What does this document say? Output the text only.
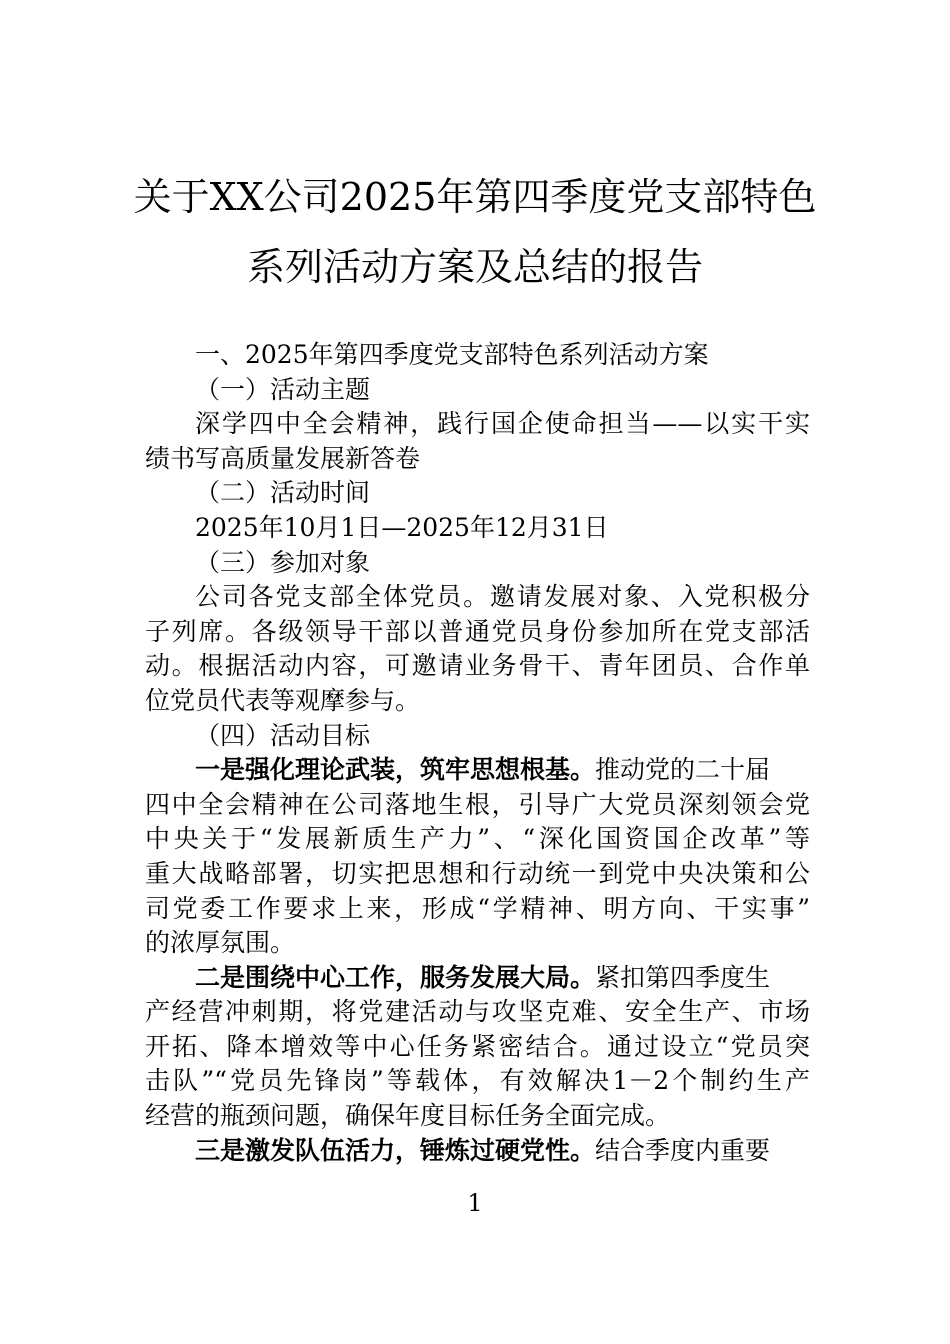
关于XX公司2025年第四季度党支部特色
系列活动方案及总结的报告
一、2025年第四季度党支部特色系列活动方案
（一）活动主题
深学四中全会精神，践行国企使命担当——以实干实
绩书写高质量发展新答卷
（二）活动时间
2025年10月1日—2025年12月31日
（三）参加对象
公司各党支部全体党员。邀请发展对象、入党积极分
子列席。各级领导干部以普通党员身份参加所在党支部活
动。根据活动内容，可邀请业务骨干、青年团员、合作单
位党员代表等观摩参与。
（四）活动目标
一是强化理论武装，筑牢思想根基。推动党的二十届
四中全会精神在公司落地生根，引导广大党员深刻领会党
中央关于“发展新质生产力”、“深化国资国企改革”等
重大战略部署，切实把思想和行动统一到党中央决策和公
司党委工作要求上来，形成“学精神、明方向、干实事”
的浓厚氛围。
二是围绕中心工作，服务发展大局。紧扣第四季度生
产经营冲刺期，将党建活动与攻坚克难、安全生产、市场
开拓、降本增效等中心任务紧密结合。通过设立“党员突
击队”“党员先锋岗”等载体，有效解决1－2个制约生产
经营的瓶颈问题，确保年度目标任务全面完成。
三是激发队伍活力，锤炼过硬党性。结合季度内重要
1
